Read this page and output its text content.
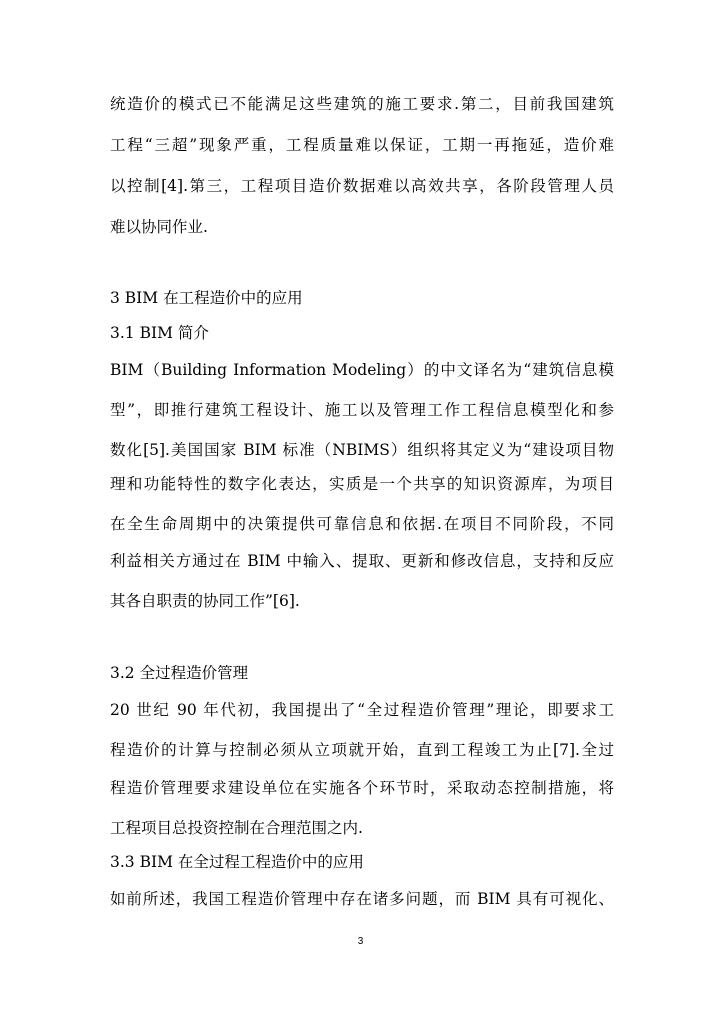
统造价的模式已不能满足这些建筑的施工要求.第二，目前我国建筑
工程“三超”现象严重，工程质量难以保证，工期一再拖延，造价难
以控制[4].第三，工程项目造价数据难以高效共享，各阶段管理人员
难以协同作业.
3 BIM 在工程造价中的应用
3.1 BIM 简介
BIM（Building Information Modeling）的中文译名为“建筑信息模
型”，即推行建筑工程设计、施工以及管理工作工程信息模型化和参
数化[5].美国国家 BIM 标准（NBIMS）组织将其定义为“建设项目物
理和功能特性的数字化表达，实质是一个共享的知识资源库，为项目
在全生命周期中的决策提供可靠信息和依据.在项目不同阶段，不同
利益相关方通过在 BIM 中输入、提取、更新和修改信息，支持和反应
其各自职责的协同工作”[6].
3.2 全过程造价管理
20 世纪 90 年代初，我国提出了“全过程造价管理”理论，即要求工
程造价的计算与控制必须从立项就开始，直到工程竣工为止[7].全过
程造价管理要求建设单位在实施各个环节时，采取动态控制措施，将
工程项目总投资控制在合理范围之内.
3.3 BIM 在全过程工程造价中的应用
如前所述，我国工程造价管理中存在诸多问题，而 BIM 具有可视化、
3
